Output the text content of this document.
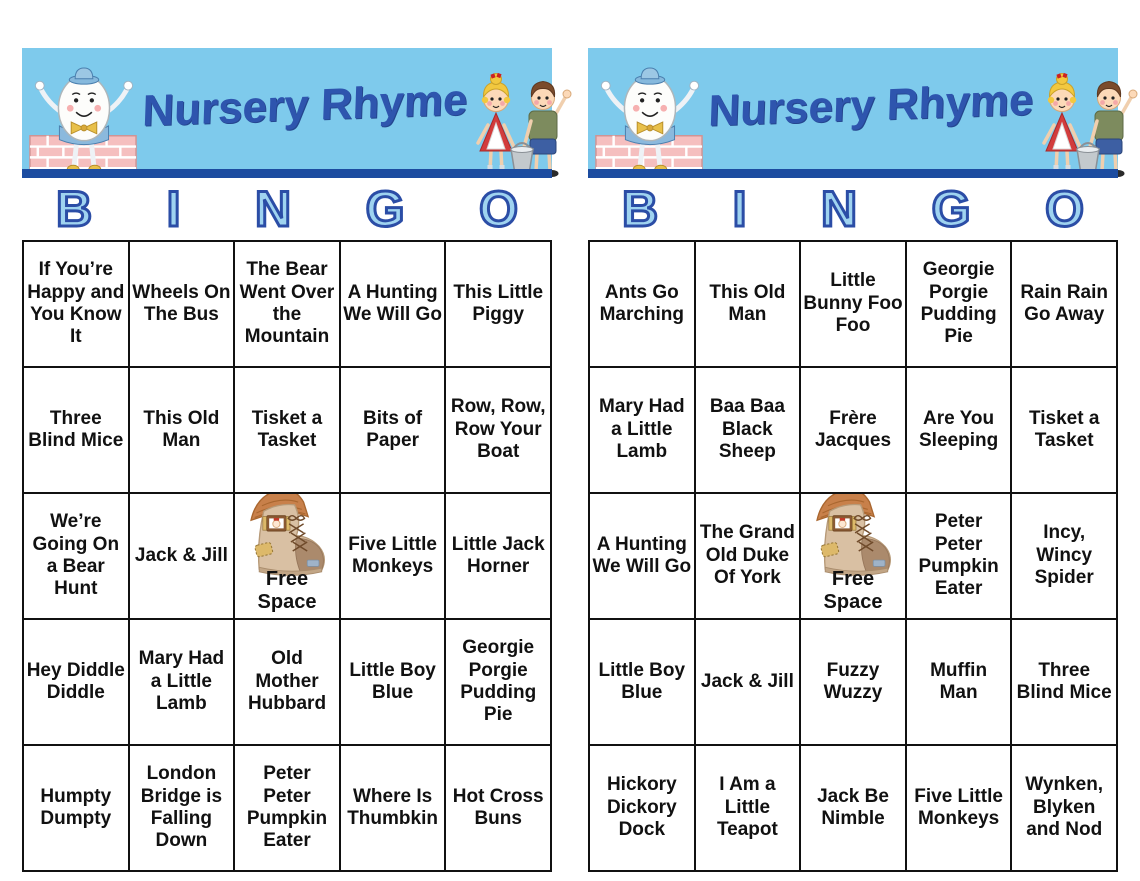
Nursery Rhyme
B I N G O
If You’re Happy and You Know It
Wheels On The Bus
The Bear Went Over the Mountain
A Hunting We Will Go
This Little Piggy
Three Blind Mice
This Old Man
Tisket a Tasket
Bits of Paper
Row, Row, Row Your Boat
We’re Going On a Bear Hunt
Jack & Jill
Free Space
Five Little Monkeys
Little Jack Horner
Hey Diddle Diddle
Mary Had a Little Lamb
Old Mother Hubbard
Little Boy Blue
Georgie Porgie Pudding Pie
Humpty Dumpty
London Bridge is Falling Down
Peter Peter Pumpkin Eater
Where Is Thumbkin
Hot Cross Buns
Nursery Rhyme
B I N G O
Ants Go Marching
This Old Man
Little Bunny Foo Foo
Georgie Porgie Pudding Pie
Rain Rain Go Away
Mary Had a Little Lamb
Baa Baa Black Sheep
Frère Jacques
Are You Sleeping
Tisket a Tasket
A Hunting We Will Go
The Grand Old Duke Of York	Free Space
Peter Peter Pumpkin Eater
Incy, Wincy Spider
Little Boy Blue
Jack & Jill
Fuzzy Wuzzy
Muffin Man
Three Blind Mice
Hickory Dickory Dock
I Am a Little Teapot
Jack Be Nimble
Five Little Monkeys
Wynken, Blyken and Nod
